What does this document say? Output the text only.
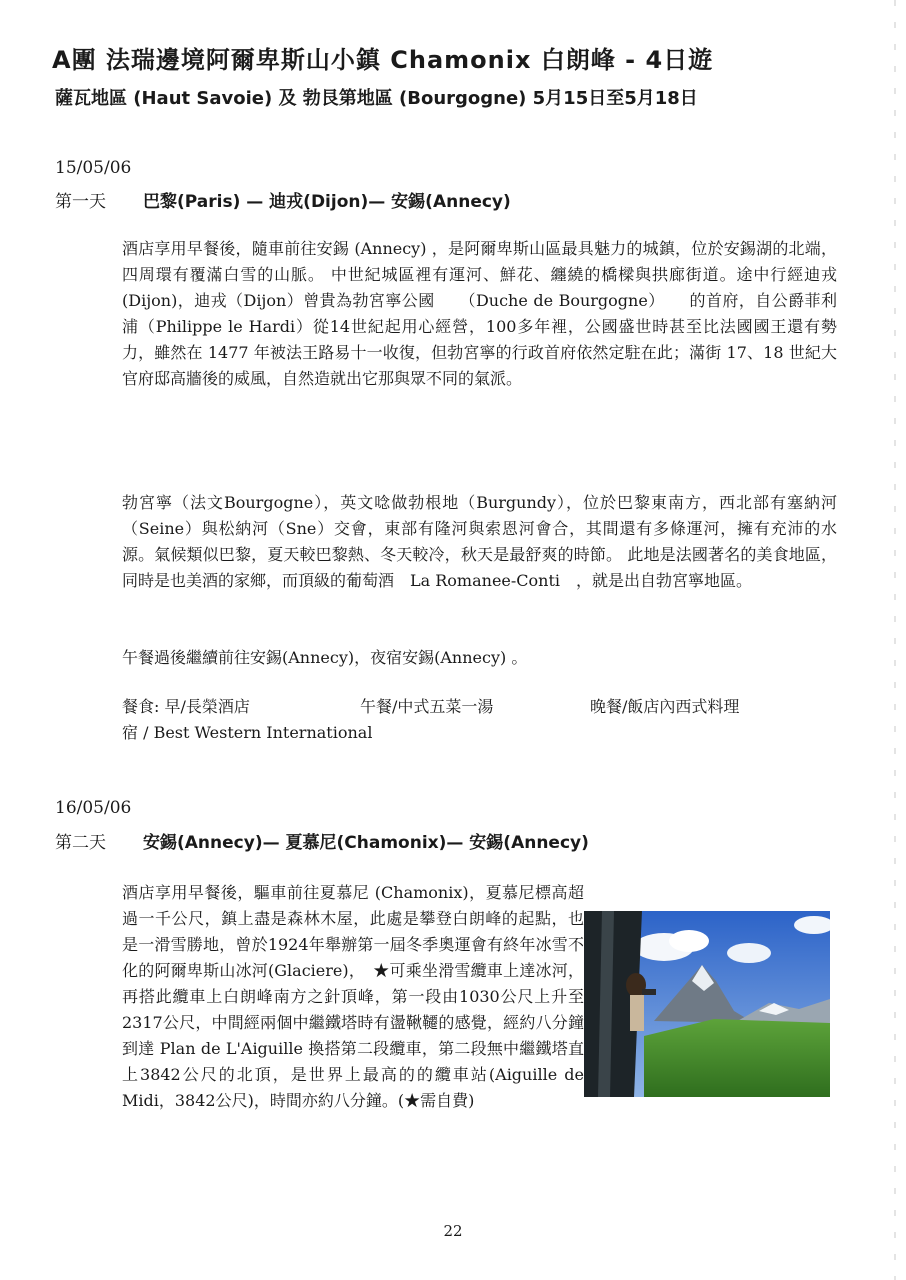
A團 法瑞邊境阿爾卑斯山小鎮 Chamonix 白朗峰 - 4日遊
薩瓦地區 (Haut Savoie) 及 勃艮第地區 (Bourgogne) 5月15日至5月18日
15/05/06
第一天 巴黎(Paris) — 迪戎(Dijon)— 安錫(Annecy)
酒店享用早餐後，隨車前往安錫 (Annecy) ，是阿爾卑斯山區最具魅力的城鎮，位於安錫湖的北端，四周環有覆滿白雪的山脈。 中世紀城區裡有運河、鮮花、纏繞的橋樑與拱廊街道。途中行經迪戎 (Dijon)，迪戎（Dijon）曾貴為勃宮寧公國　　（Duche de Bourgogne）　　的首府，自公爵菲利浦（Philippe le Hardi）從14世紀起用心經營，100多年裡，公國盛世時甚至比法國國王還有勢力，雖然在 1477 年被法王路易十一收復，但勃宮寧的行政首府依然定駐在此；滿街 17、18 世紀大官府邸高牆後的威風，自然造就出它那與眾不同的氣派。
勃宮寧（法文Bourgogne），英文唸做勃根地（Burgundy），位於巴黎東南方，西北部有塞納河（Seine）與松納河（Sne）交會，東部有隆河與索恩河會合，其間還有多條運河，擁有充沛的水源。氣候類似巴黎，夏天較巴黎熱、冬天較冷，秋天是最舒爽的時節。 此地是法國著名的美食地區，同時是也美酒的家鄉，而頂級的葡萄酒　La Romanee-Conti　，就是出自勃宮寧地區。
午餐過後繼續前往安錫(Annecy)，夜宿安錫(Annecy) 。
餐食: 早/長榮酒店	午餐/中式五菜一湯	晚餐/飯店內西式料理
宿 / Best Western International
16/05/06
第二天 安錫(Annecy)— 夏慕尼(Chamonix)— 安錫(Annecy)
酒店享用早餐後，驅車前往夏慕尼 (Chamonix)，夏慕尼標高超過一千公尺，鎮上盡是森林木屋，此處是攀登白朗峰的起點，也是一滑雪勝地，曾於1924年舉辦第一屆冬季奧運會有終年冰雪不化的阿爾卑斯山冰河(Glaciere)，　★可乘坐滑雪纜車上達冰河，再搭此纜車上白朗峰南方之針頂峰，第一段由1030公尺上升至2317公尺，中間經兩個中繼鐵塔時有盪鞦韆的感覺，經約八分鐘到達 Plan de L'Aiguille 換搭第二段纜車，第二段無中繼鐵塔直上3842公尺的北頂，是世界上最高的的纜車站(Aiguille de Midi，3842公尺)，時間亦約八分鐘。(★需自費)
22
